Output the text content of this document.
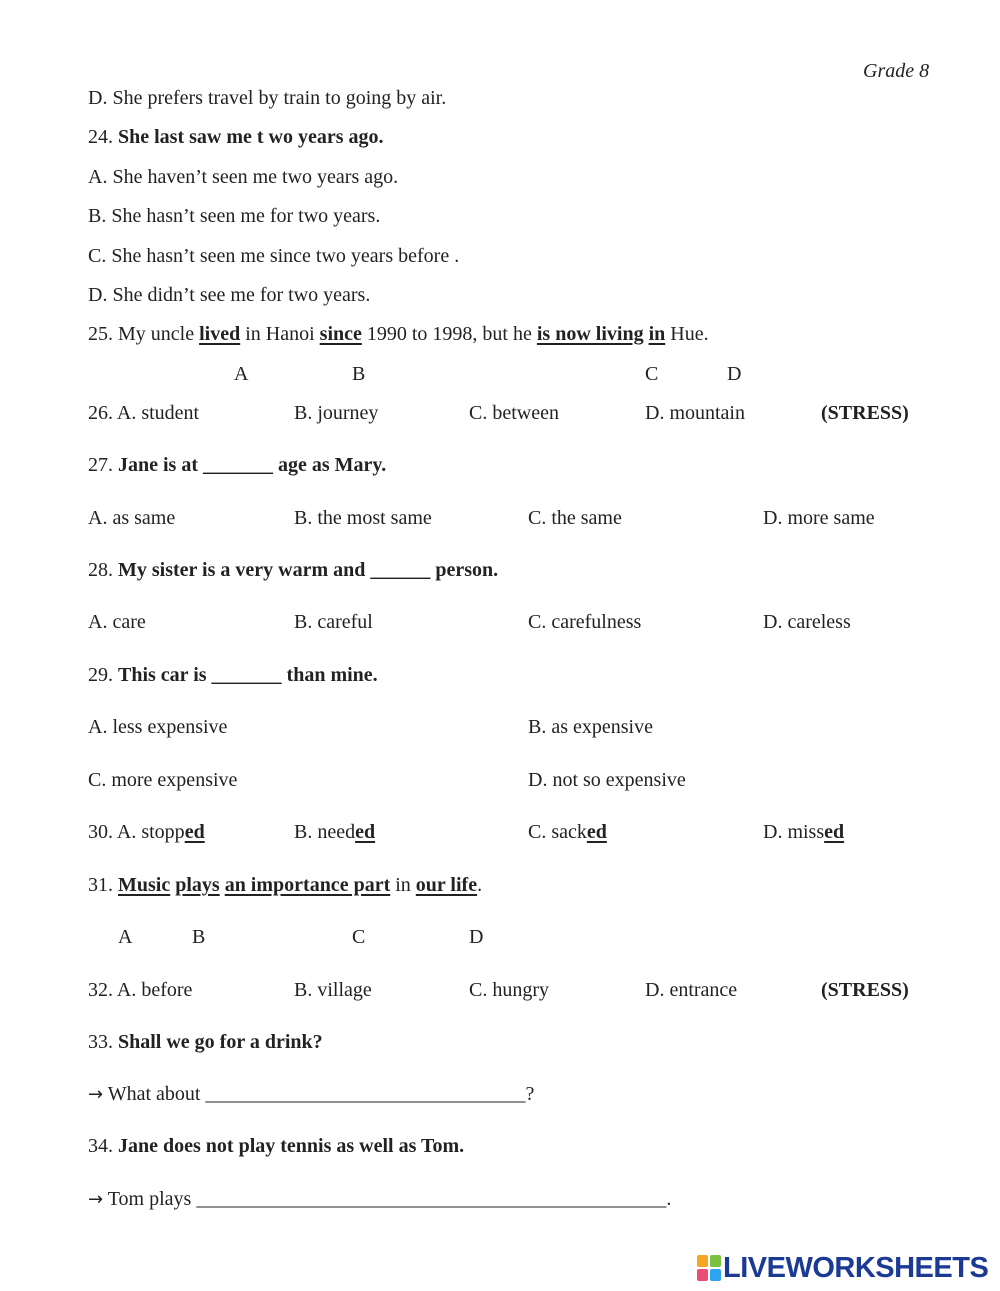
Grade 8
D. She prefers travel by train to going by air.
24. She last saw me t wo years ago.
A. She haven’t seen me two years ago.
B. She hasn’t seen me for two years.
C. She hasn’t seen me since two years before .
D. She didn’t see me for two years.
25. My uncle lived in Hanoi since 1990 to 1998, but he is now living in Hue.
A	B	C	D
26. A. student	B. journey	C. between	D. mountain	(STRESS)
27. Jane is at _______ age as Mary.
A. as same	B. the most same	C. the same	D. more same
28. My sister is a very warm and ______ person.
A. care	B. careful	C. carefulness	D. careless
29. This car is _______ than mine.
A. less expensive	B. as expensive
C. more expensive	D. not so expensive
30. A. stopped	B. needed	C. sacked	D. missed
31. Music plays an importance part in our life.
A	B	C	D
32. A. before	B. village	C. hungry	D. entrance	(STRESS)
33. Shall we go for a drink?
→ What about ________________________________?
34. Jane does not play tennis as well as Tom.
→ Tom plays _______________________________________________.
LIVEWORKSHEETS
